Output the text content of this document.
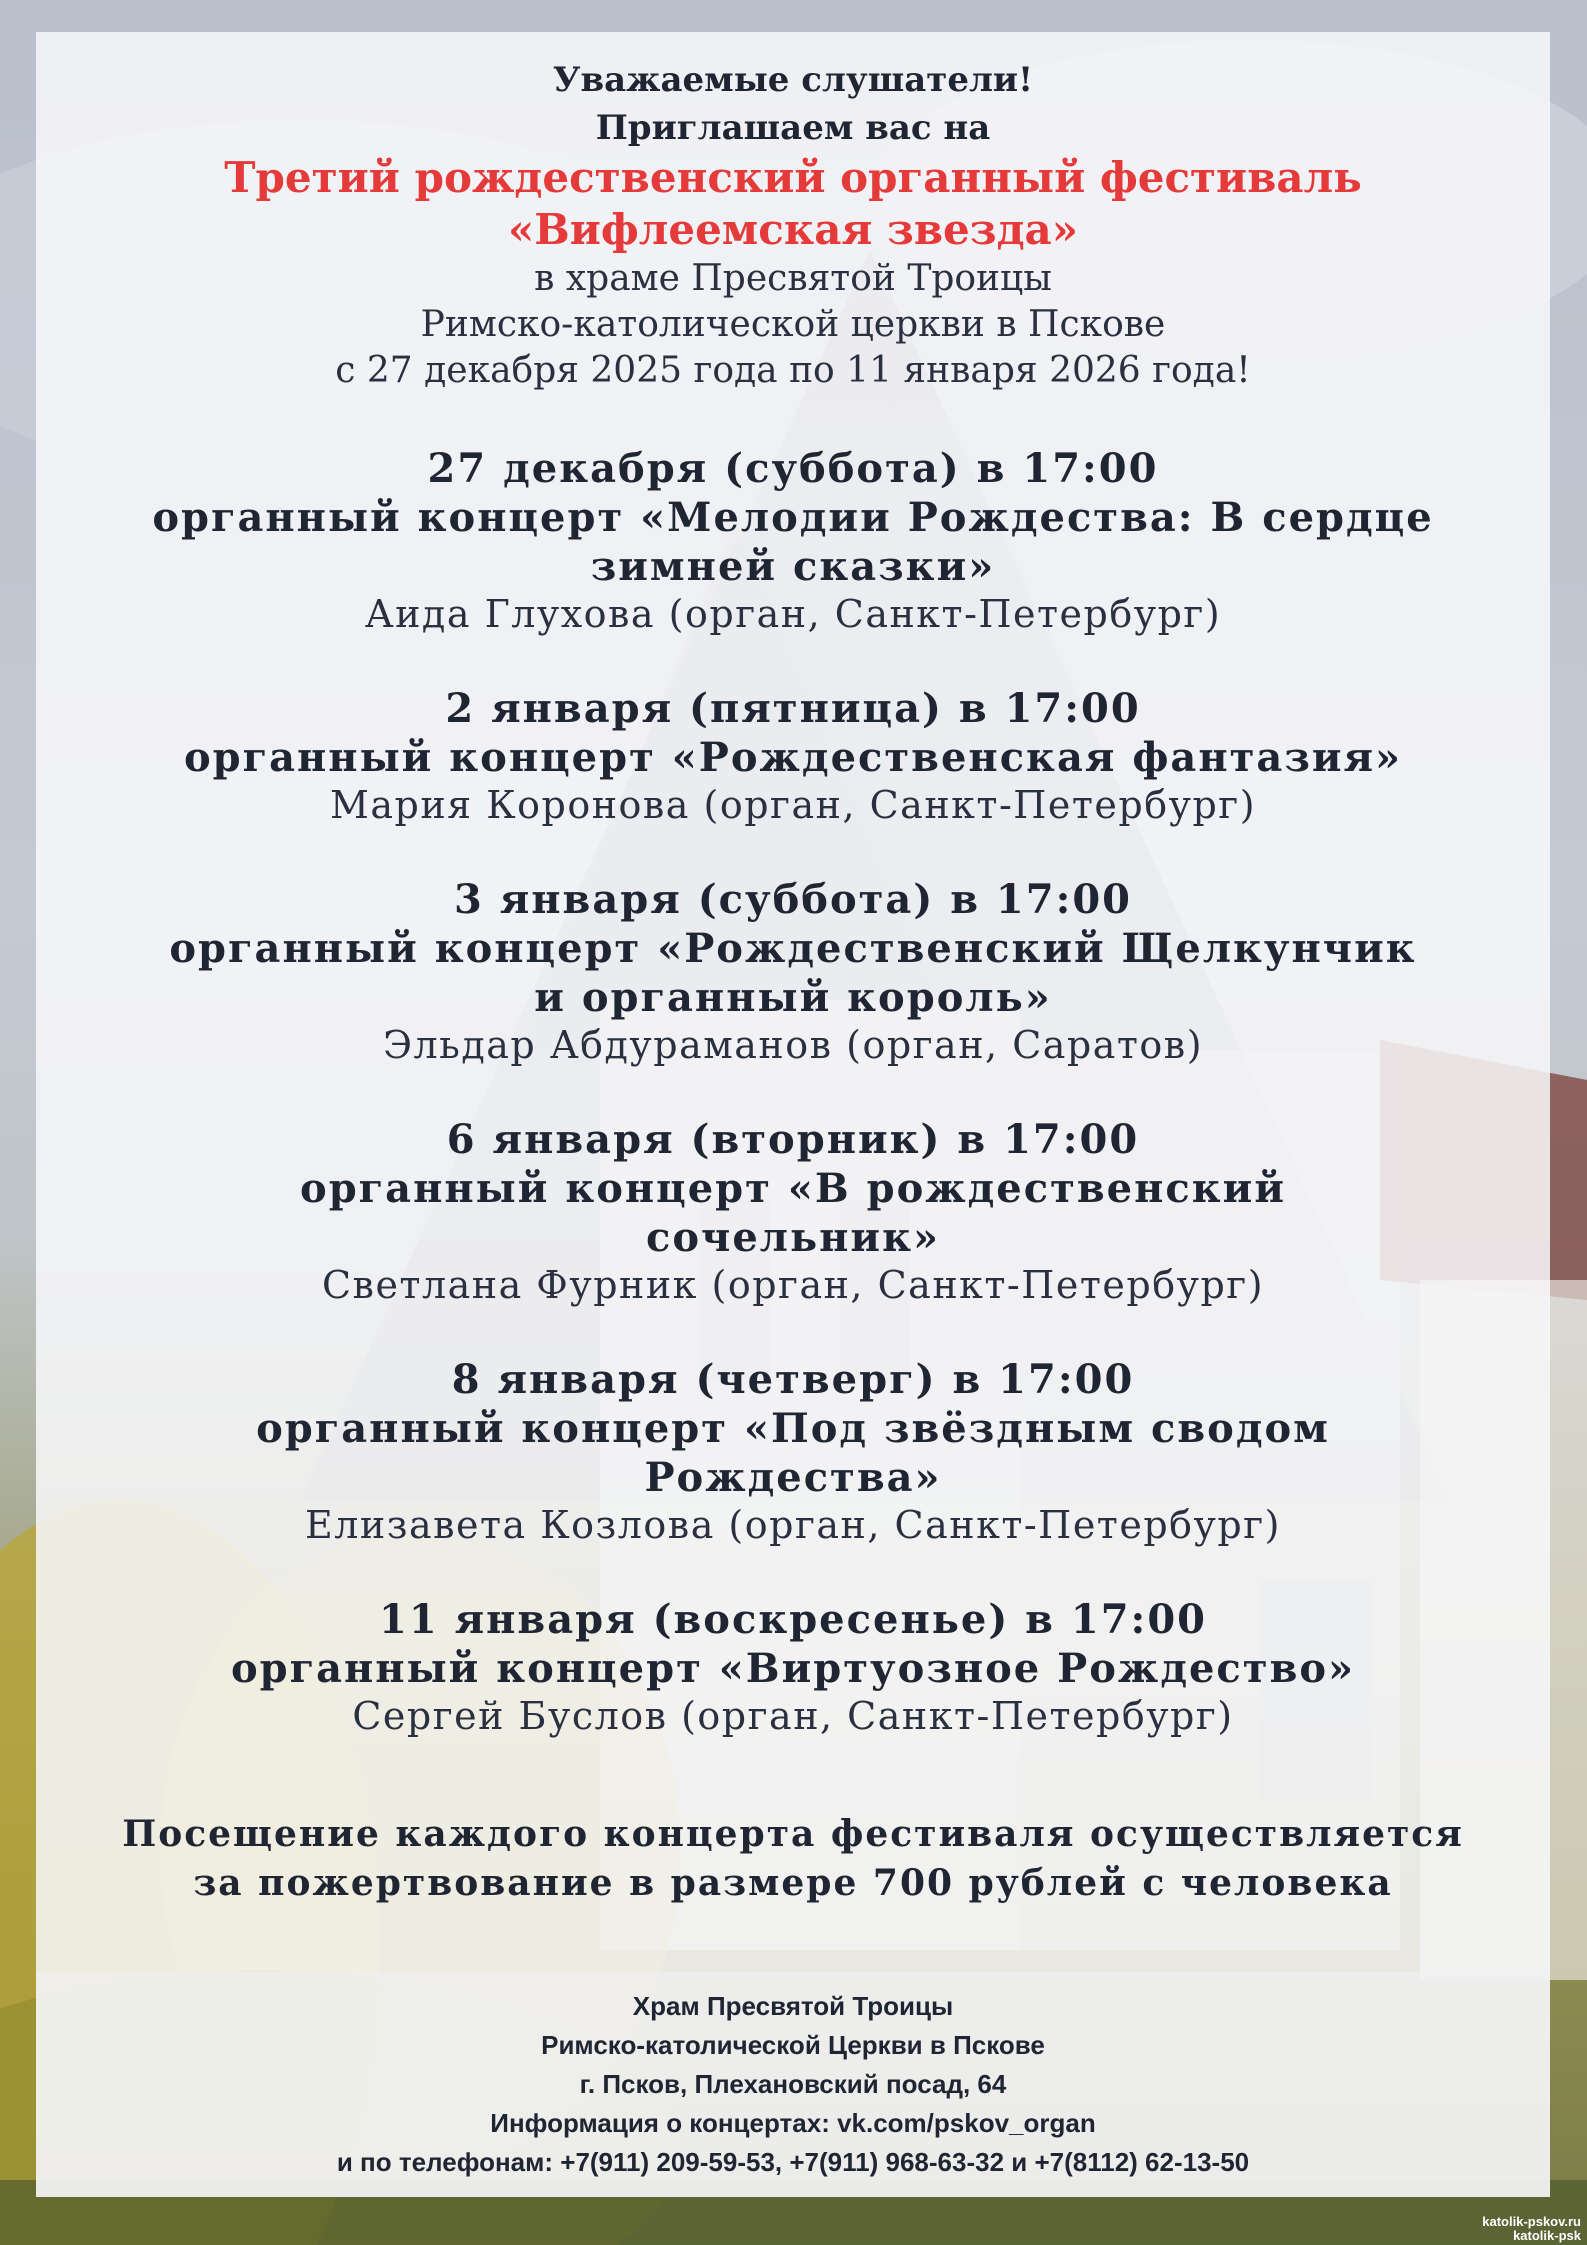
Уважаемые слушатели!
Приглашаем вас на
Третий рождественский органный фестиваль
«Вифлеемская звезда»
в храме Пресвятой Троицы
Римско-католической церкви в Пскове
с 27 декабря 2025 года по 11 января 2026 года!
27 декабря (суббота) в 17:00
органный концерт «Мелодии Рождества: В сердце зимней сказки»
Аида Глухова (орган, Санкт-Петербург)
2 января (пятница) в 17:00
органный концерт «Рождественская фантазия»
Мария Коронова (орган, Санкт-Петербург)
3 января (суббота) в 17:00
органный концерт «Рождественский Щелкунчик и органный король»
Эльдар Абдураманов (орган, Саратов)
6 января (вторник) в 17:00
органный концерт «В рождественский сочельник»
Светлана Фурник (орган, Санкт-Петербург)
8 января (четверг) в 17:00
органный концерт «Под звёздным сводом Рождества»
Елизавета Козлова (орган, Санкт-Петербург)
11 января (воскресенье) в 17:00
органный концерт «Виртуозное Рождество»
Сергей Буслов (орган, Санкт-Петербург)
Посещение каждого концерта фестиваля осуществляется
за пожертвование в размере 700 рублей с человека
Храм Пресвятой Троицы
Римско-католической Церкви в Пскове
г. Псков, Плехановский посад, 64
Информация о концертах: vk.com/pskov_organ
и по телефонам: +7(911) 209-59-53, +7(911) 968-63-32 и +7(8112) 62-13-50
katolik-pskov.ru
katolik-psk
